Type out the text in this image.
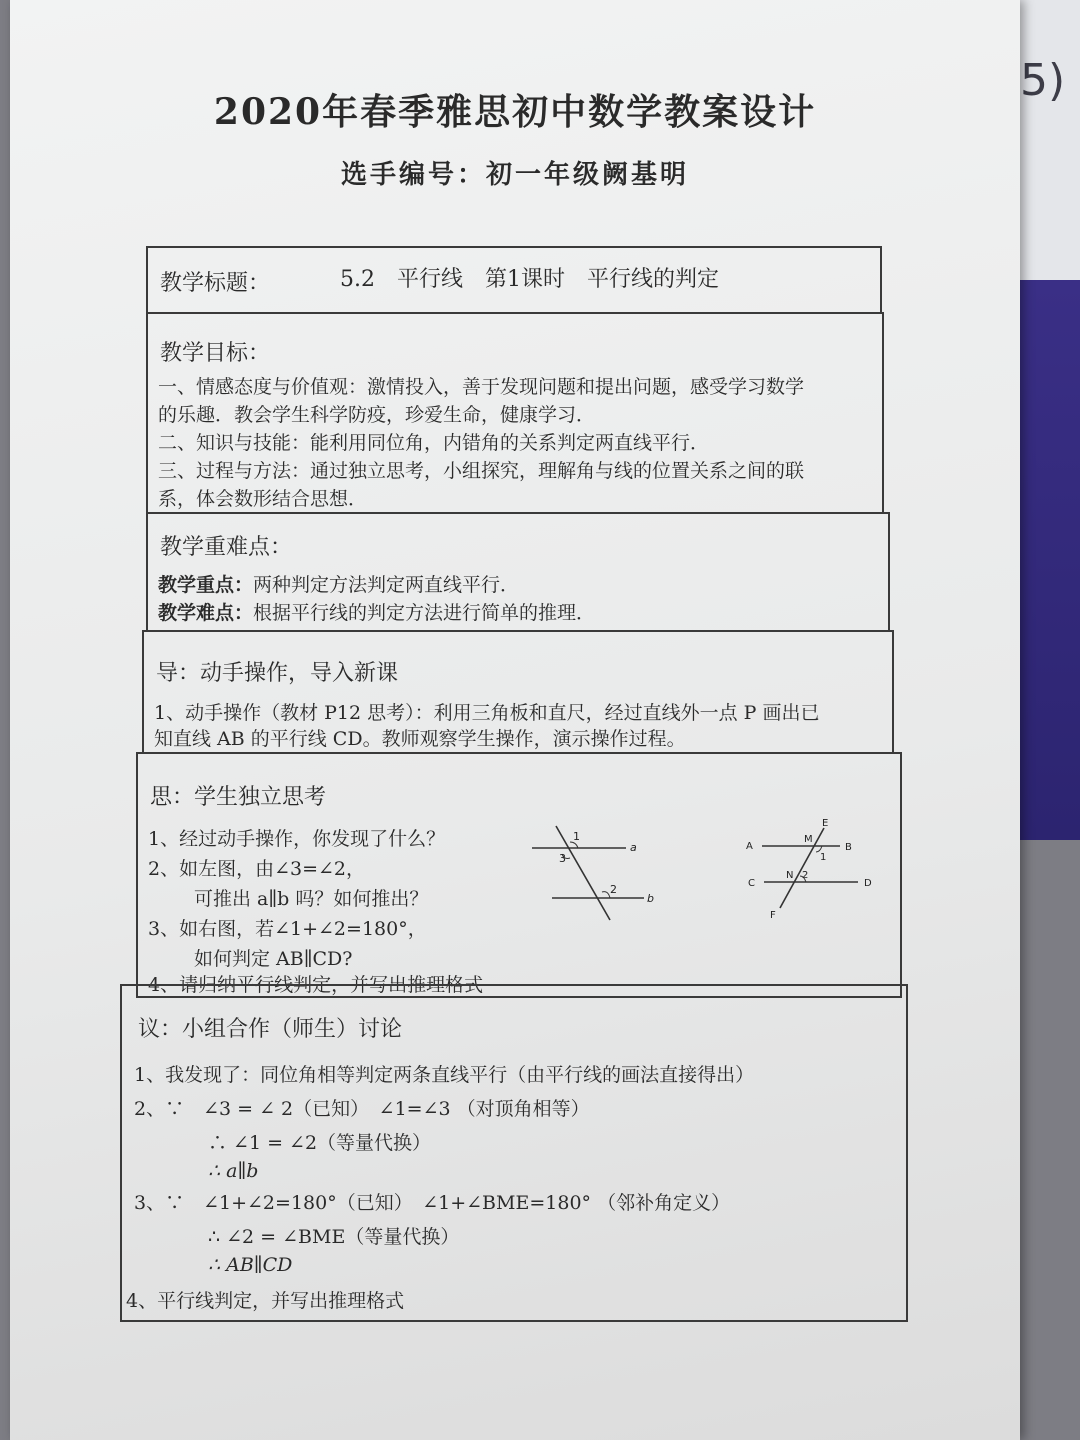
5)
2020年春季雅思初中数学教案设计
选手编号：初一年级阙基明
教学标题：	5.2　平行线　第1课时　平行线的判定
教学目标：
一、情感态度与价值观：激情投入，善于发现问题和提出问题，感受学习数学
的乐趣．教会学生科学防疫，珍爱生命，健康学习．
二、知识与技能：能利用同位角，内错角的关系判定两直线平行．
三、过程与方法：通过独立思考，小组探究，理解角与线的位置关系之间的联
系，体会数形结合思想．
教学重难点：
教学重点：两种判定方法判定两直线平行．
教学难点：根据平行线的判定方法进行简单的推理．
导：动手操作，导入新课
1、动手操作（教材 P12 思考）：利用三角板和直尺，经过直线外一点 P 画出已
知直线 AB 的平行线 CD。教师观察学生操作，演示操作过程。
思：学生独立思考
1、经过动手操作，你发现了什么？
2、如左图，由∠3=∠2，
可推出 a∥b 吗？如何推出？
3、如右图，若∠1+∠2=180°，
如何判定 AB∥CD?
4、请归纳平行线判定，并写出推理格式
1
3
a
2
b
E
A
M
B
1
C
N 2
D
F
议：小组合作（师生）讨论
1、我发现了：同位角相等判定两条直线平行（由平行线的画法直接得出）
2、∵　∠3 = ∠ 2（已知）　∠1=∠3 （对顶角相等）
∴ ∠1 = ∠2（等量代换）
∴ a∥b
3、∵　∠1+∠2=180°（已知）　∠1+∠BME=180° （邻补角定义）
∴ ∠2 = ∠BME（等量代换）
∴ AB∥CD
4、平行线判定，并写出推理格式
